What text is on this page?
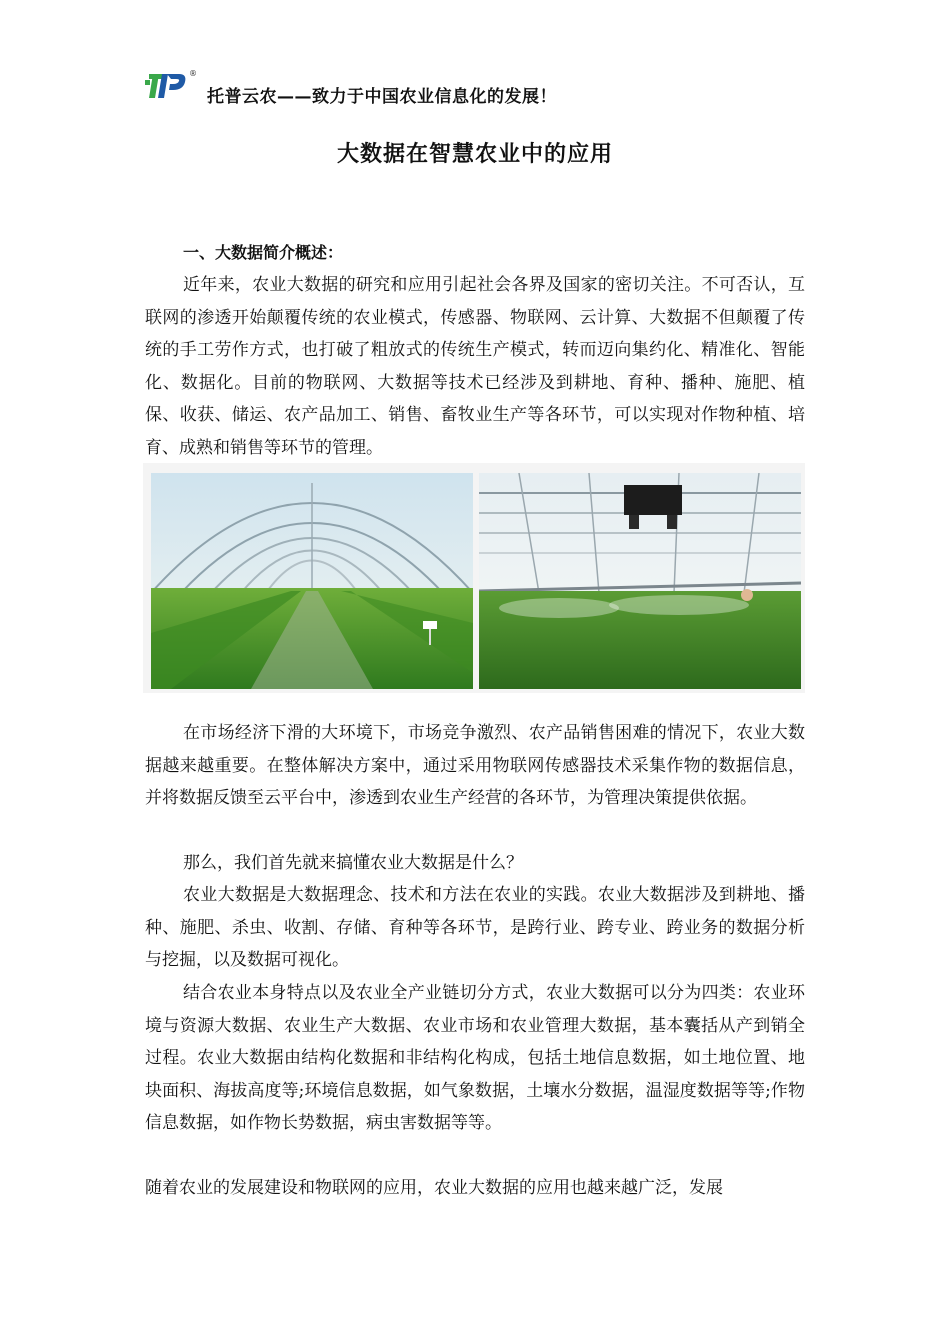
®
托普云农——致力于中国农业信息化的发展！
大数据在智慧农业中的应用
一、大数据简介概述：

近年来，农业大数据的研究和应用引起社会各界及国家的密切关注。不可否认，互联网的渗透开始颠覆传统的农业模式，传感器、物联网、云计算、大数据不但颠覆了传统的手工劳作方式，也打破了粗放式的传统生产模式，转而迈向集约化、精准化、智能化、数据化。目前的物联网、大数据等技术已经涉及到耕地、育种、播种、施肥、植保、收获、储运、农产品加工、销售、畜牧业生产等各环节，可以实现对作物种植、培育、成熟和销售等环节的管理。

在市场经济下滑的大环境下，市场竞争激烈、农产品销售困难的情况下，农业大数据越来越重要。在整体解决方案中，通过采用物联网传感器技术采集作物的数据信息，并将数据反馈至云平台中，渗透到农业生产经营的各环节，为管理决策提供依据。

那么，我们首先就来搞懂农业大数据是什么？

农业大数据是大数据理念、技术和方法在农业的实践。农业大数据涉及到耕地、播种、施肥、杀虫、收割、存储、育种等各环节，是跨行业、跨专业、跨业务的数据分析与挖掘，以及数据可视化。

结合农业本身特点以及农业全产业链切分方式，农业大数据可以分为四类：农业环境与资源大数据、农业生产大数据、农业市场和农业管理大数据，基本囊括从产到销全过程。农业大数据由结构化数据和非结构化构成，包括土地信息数据，如土地位置、地块面积、海拔高度等;环境信息数据，如气象数据，土壤水分数据，温湿度数据等等;作物信息数据，如作物长势数据，病虫害数据等等。

随着农业的发展建设和物联网的应用，农业大数据的应用也越来越广泛，发展
